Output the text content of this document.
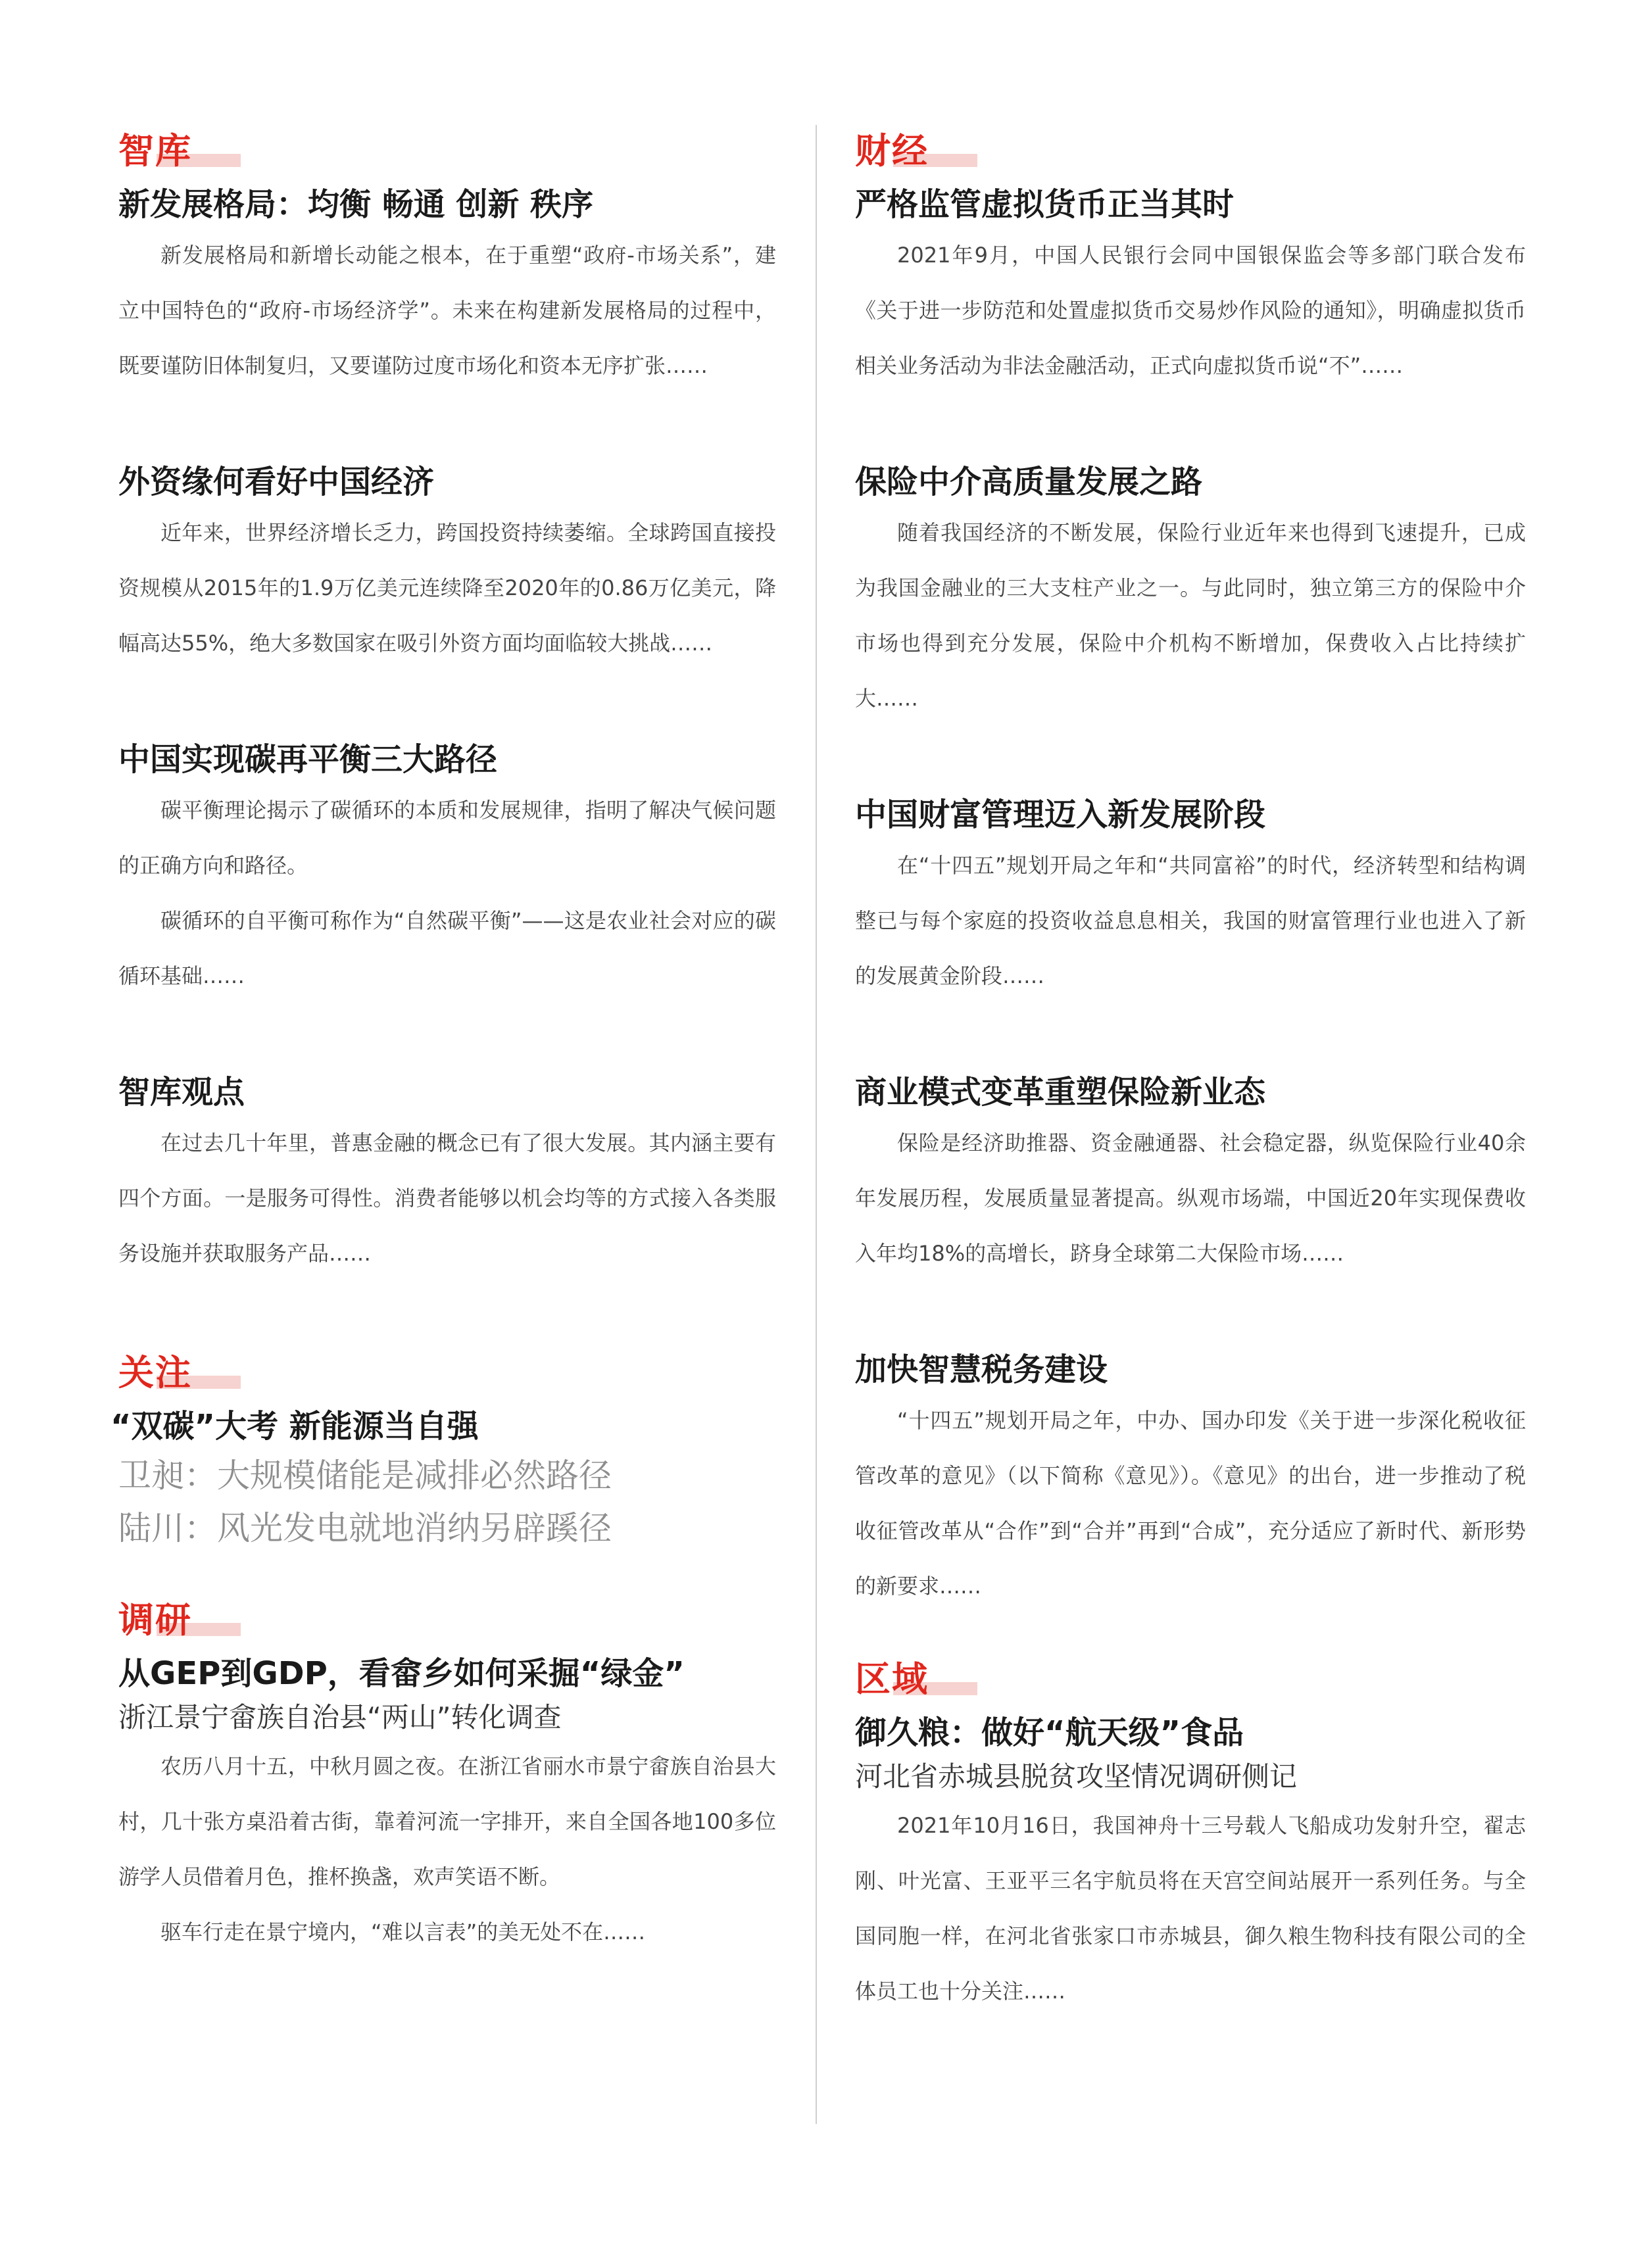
智库
新发展格局：均衡 畅通 创新 秩序

新发展格局和新增长动能之根本，在于重塑“政府-市场关系”，建立中国特色的“政府-市场经济学”。未来在构建新发展格局的过程中，既要谨防旧体制复归，又要谨防过度市场化和资本无序扩张……

外资缘何看好中国经济

近年来，世界经济增长乏力，跨国投资持续萎缩。全球跨国直接投资规模从2015年的1.9万亿美元连续降至2020年的0.86万亿美元，降幅高达55%，绝大多数国家在吸引外资方面均面临较大挑战……

中国实现碳再平衡三大路径

碳平衡理论揭示了碳循环的本质和发展规律，指明了解决气候问题的正确方向和路径。

碳循环的自平衡可称作为“自然碳平衡”——这是农业社会对应的碳循环基础……

智库观点

在过去几十年里，普惠金融的概念已有了很大发展。其内涵主要有四个方面。一是服务可得性。消费者能够以机会均等的方式接入各类服务设施并获取服务产品……

关注
“双碳”大考 新能源当自强

卫昶：大规模储能是减排必然路径

陆川：风光发电就地消纳另辟蹊径

调研
从GEP到GDP，看畲乡如何采掘“绿金”

浙江景宁畲族自治县“两山”转化调查

农历八月十五，中秋月圆之夜。在浙江省丽水市景宁畲族自治县大 村，几十张方桌沿着古街，靠着河流一字排开，来自全国各地100多位游学人员借着月色，推杯换盏，欢声笑语不断。

驱车行走在景宁境内，“难以言表”的美无处不在……

财经
严格监管虚拟货币正当其时

2021年9月，中国人民银行会同中国银保监会等多部门联合发布《关于进一步防范和处置虚拟货币交易炒作风险的通知》，明确虚拟货币相关业务活动为非法金融活动，正式向虚拟货币说“不”……

保险中介高质量发展之路

随着我国经济的不断发展，保险行业近年来也得到飞速提升，已成为我国金融业的三大支柱产业之一。与此同时，独立第三方的保险中介市场也得到充分发展，保险中介机构不断增加，保费收入占比持续扩大……

中国财富管理迈入新发展阶段

在“十四五”规划开局之年和“共同富裕”的时代，经济转型和结构调整已与每个家庭的投资收益息息相关，我国的财富管理行业也进入了新的发展黄金阶段……

商业模式变革重塑保险新业态

保险是经济助推器、资金融通器、社会稳定器，纵览保险行业40余年发展历程，发展质量显著提高。纵观市场端，中国近20年实现保费收入年均18%的高增长，跻身全球第二大保险市场……

加快智慧税务建设

“十四五”规划开局之年，中办、国办印发《关于进一步深化税收征管改革的意见》（以下简称《意见》）。《意见》的出台，进一步推动了税收征管改革从“合作”到“合并”再到“合成”，充分适应了新时代、新形势的新要求……

区域
御久粮：做好“航天级”食品

河北省赤城县脱贫攻坚情况调研侧记

2021年10月16日，我国神舟十三号载人飞船成功发射升空，翟志刚、叶光富、王亚平三名宇航员将在天宫空间站展开一系列任务。与全国同胞一样，在河北省张家口市赤城县，御久粮生物科技有限公司的全体员工也十分关注……
